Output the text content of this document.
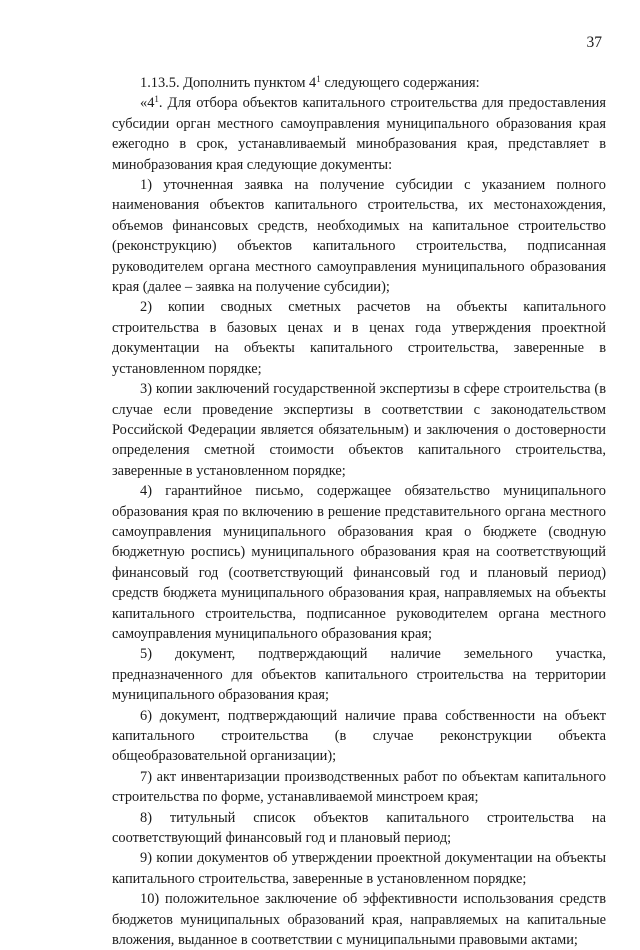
37

1.13.5. Дополнить пунктом $4^1$ следующего содержания:

«$4^1$. Для отбора объектов капитального строительства для предоставления субсидии орган местного самоуправления муниципального образования края ежегодно в срок, устанавливаемый минобразования края, представляет в минобразования края следующие документы:

1) уточненная заявка на получение субсидии с указанием полного наименования объектов капитального строительства, их местонахождения, объемов финансовых средств, необходимых на капитальное строительство (реконструкцию) объектов капитального строительства, подписанная руководителем органа местного самоуправления муниципального образования края (далее – заявка на получение субсидии);

2) копии сводных сметных расчетов на объекты капитального строительства в базовых ценах и в ценах года утверждения проектной документации на объекты капитального строительства, заверенные в установленном порядке;

3) копии заключений государственной экспертизы в сфере строительства (в случае если проведение экспертизы в соответствии с законодательством Российской Федерации является обязательным) и заключения о достоверности определения сметной стоимости объектов капитального строительства, заверенные в установленном порядке;

4) гарантийное письмо, содержащее обязательство муниципального образования края по включению в решение представительного органа местного самоуправления муниципального образования края о бюджете (сводную бюджетную роспись) муниципального образования края на соответствующий финансовый год (соответствующий финансовый год и плановый период) средств бюджета муниципального образования края, направляемых на объекты капитального строительства, подписанное руководителем органа местного самоуправления муниципального образования края;

5) документ, подтверждающий наличие земельного участка, предназначенного для объектов капитального строительства на территории муниципального образования края;

6) документ, подтверждающий наличие права собственности на объект капитального строительства (в случае реконструкции объекта общеобразовательной организации);

7) акт инвентаризации производственных работ по объектам капитального строительства по форме, устанавливаемой минстроем края;

8) титульный список объектов капитального строительства на соответствующий финансовый год и плановый период;

9) копии документов об утверждении проектной документации на объекты капитального строительства, заверенные в установленном порядке;

10) положительное заключение об эффективности использования средств бюджетов муниципальных образований края, направляемых на капитальные вложения, выданное в соответствии с муниципальными правовыми актами;
